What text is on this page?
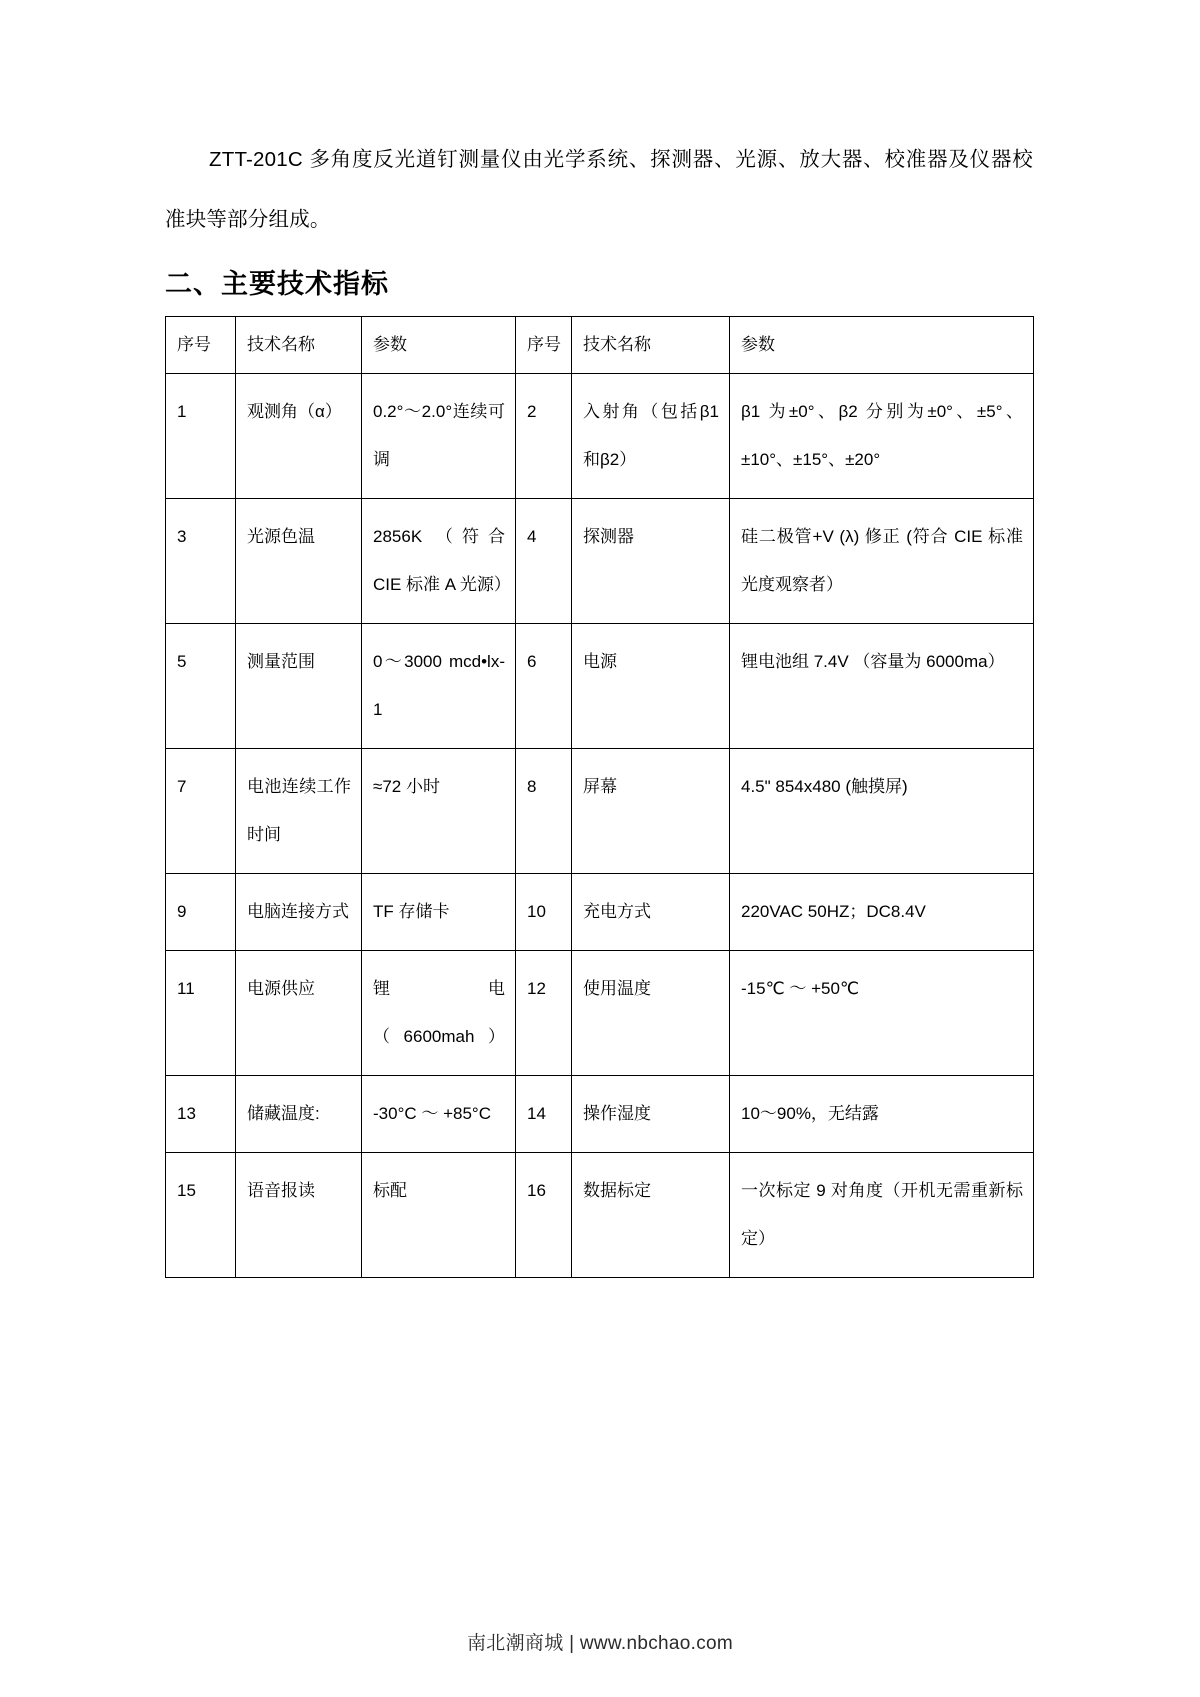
ZTT-201C 多角度反光道钉测量仪由光学系统、探测器、光源、放大器、校准器及仪器校准块等部分组成。

二、主要技术指标
序号	技术名称	参数	序号	技术名称	参数
1	观测角（α）	0.2°～2.0°连续可调	2	入射角（包括β1 和β2）	β1 为±0°、β2 分别为±0°、±5°、±10°、±15°、±20°
3	光源色温	2856K （符合 CIE 标准 A 光源）	4	探测器	硅二极管+V (λ) 修正 (符合 CIE 标准光度观察者）
5	测量范围	0～3000 mcd•lx-1	6	电源	锂电池组 7.4V （容量为 6000ma）
7	电池连续工作时间	≈72 小时	8	屏幕	4.5" 854x480 (触摸屏)
9	电脑连接方式	TF 存储卡	10	充电方式	220VAC 50HZ；DC8.4V
11	电源供应	锂 电 （6600mah）	12	使用温度	-15℃ ～ +50℃
13	储藏温度:	-30°C ～ +85°C	14	操作湿度	10～90%，无结露
15	语音报读	标配	16	数据标定	一次标定 9 对角度（开机无需重新标定）
南北潮商城 | www.nbchao.com
